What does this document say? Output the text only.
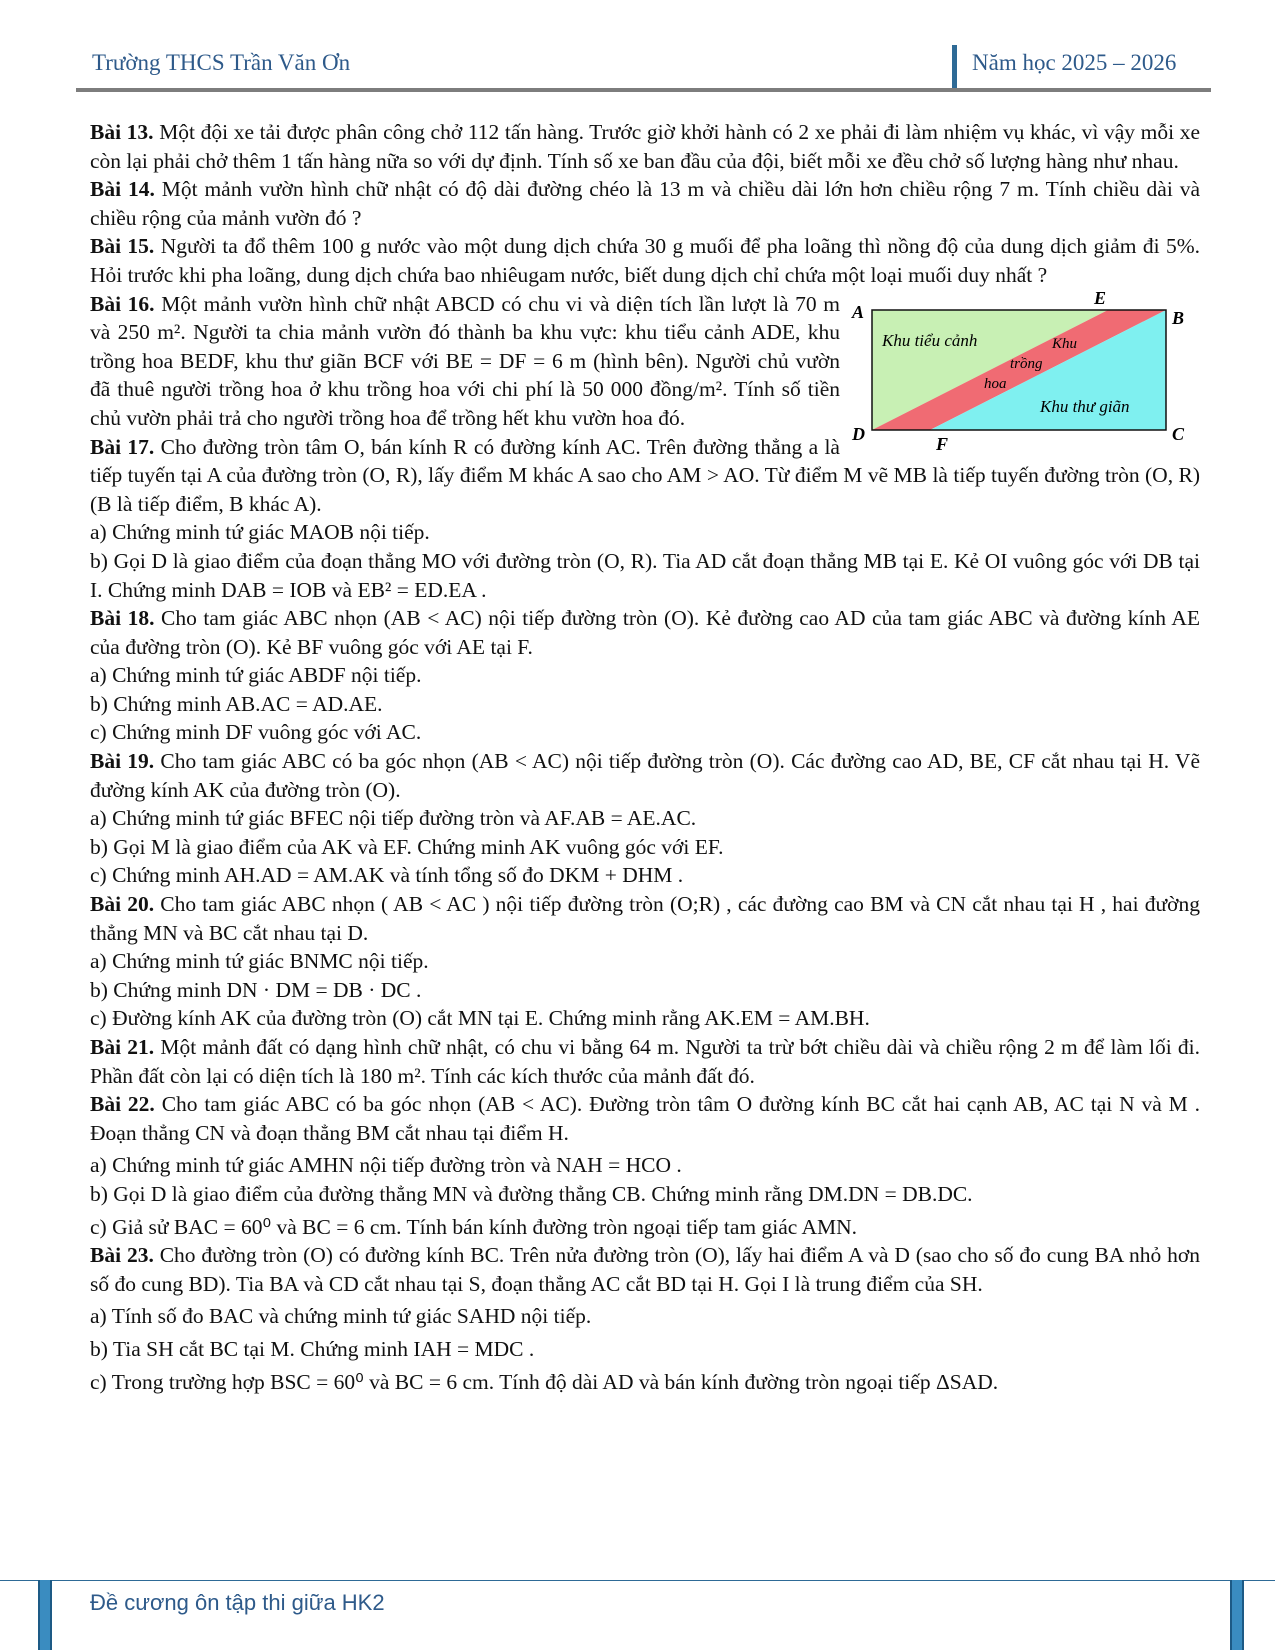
Trường THCS Trần Văn Ơn	Năm học 2025 – 2026

Bài 13. Một đội xe tải được phân công chở 112 tấn hàng. Trước giờ khởi hành có 2 xe phải đi làm nhiệm vụ khác, vì vậy mỗi xe còn lại phải chở thêm 1 tấn hàng nữa so với dự định. Tính số xe ban đầu của đội, biết mỗi xe đều chở số lượng hàng như nhau.

Bài 14. Một mảnh vườn hình chữ nhật có độ dài đường chéo là 13 m và chiều dài lớn hơn chiều rộng 7 m. Tính chiều dài và chiều rộng của mảnh vườn đó ?

Bài 15. Người ta đổ thêm 100 g nước vào một dung dịch chứa 30 g muối để pha loãng thì nồng độ của dung dịch giảm đi 5%. Hỏi trước khi pha loãng, dung dịch chứa bao nhiêugam nước, biết dung dịch chỉ chứa một loại muối duy nhất ?

A	B
C
D
E
F
Khu tiểu cảnh	Khu
trồng
hoa
Khu thư giãn

Bài 16. Một mảnh vườn hình chữ nhật ABCD có chu vi và diện tích lần lượt là 70 m và 250 m². Người ta chia mảnh vườn đó thành ba khu vực: khu tiểu cảnh ADE, khu trồng hoa BEDF, khu thư giãn BCF với BE = DF = 6 m (hình bên). Người chủ vườn đã thuê người trồng hoa ở khu trồng hoa với chi phí là 50 000 đồng/m². Tính số tiền chủ vườn phải trả cho người trồng hoa để trồng hết khu vườn hoa đó.

Bài 17. Cho đường tròn tâm O, bán kính R có đường kính AC. Trên đường thẳng a là tiếp tuyến tại A của đường tròn (O, R), lấy điểm M khác A sao cho AM > AO. Từ điểm M vẽ MB là tiếp tuyến đường tròn (O, R) (B là tiếp điểm, B khác A).

a) Chứng minh tứ giác MAOB nội tiếp.

b) Gọi D là giao điểm của đoạn thẳng MO với đường tròn (O, R). Tia AD cắt đoạn thẳng MB tại E. Kẻ OI vuông góc với DB tại I. Chứng minh DAB = IOB và EB² = ED.EA .

Bài 18. Cho tam giác ABC nhọn (AB < AC) nội tiếp đường tròn (O). Kẻ đường cao AD của tam giác ABC và đường kính AE của đường tròn (O). Kẻ BF vuông góc với AE tại F.

a) Chứng minh tứ giác ABDF nội tiếp.

b) Chứng minh AB.AC = AD.AE.

c) Chứng minh DF vuông góc với AC.

Bài 19. Cho tam giác ABC có ba góc nhọn (AB < AC) nội tiếp đường tròn (O). Các đường cao AD, BE, CF cắt nhau tại H. Vẽ đường kính AK của đường tròn (O).

a) Chứng minh tứ giác BFEC nội tiếp đường tròn và AF.AB = AE.AC.

b) Gọi M là giao điểm của AK và EF. Chứng minh AK vuông góc với EF.

c) Chứng minh AH.AD = AM.AK và tính tổng số đo DKM + DHM .

Bài 20. Cho tam giác ABC nhọn ( AB < AC ) nội tiếp đường tròn (O;R) , các đường cao BM và CN cắt nhau tại H , hai đường thẳng MN và BC cắt nhau tại D.

a) Chứng minh tứ giác BNMC nội tiếp.

b) Chứng minh DN · DM = DB · DC .

c) Đường kính AK của đường tròn (O) cắt MN tại E. Chứng minh rằng AK.EM = AM.BH.

Bài 21. Một mảnh đất có dạng hình chữ nhật, có chu vi bằng 64 m. Người ta trừ bớt chiều dài và chiều rộng 2 m để làm lối đi. Phần đất còn lại có diện tích là 180 m². Tính các kích thước của mảnh đất đó.

Bài 22. Cho tam giác ABC có ba góc nhọn (AB < AC). Đường tròn tâm O đường kính BC cắt hai cạnh AB, AC tại N và M . Đoạn thẳng CN và đoạn thẳng BM cắt nhau tại điểm H.

a) Chứng minh tứ giác AMHN nội tiếp đường tròn và NAH = HCO .

b) Gọi D là giao điểm của đường thẳng MN và đường thẳng CB. Chứng minh rằng DM.DN = DB.DC.

c) Giả sử BAC = 60⁰ và BC = 6 cm. Tính bán kính đường tròn ngoại tiếp tam giác AMN.

Bài 23. Cho đường tròn (O) có đường kính BC. Trên nửa đường tròn (O), lấy hai điểm A và D (sao cho số đo cung BA nhỏ hơn số đo cung BD). Tia BA và CD cắt nhau tại S, đoạn thẳng AC cắt BD tại H. Gọi I là trung điểm của SH.

a) Tính số đo BAC và chứng minh tứ giác SAHD nội tiếp.

b) Tia SH cắt BC tại M. Chứng minh IAH = MDC .

c) Trong trường hợp BSC = 60⁰ và BC = 6 cm. Tính độ dài AD và bán kính đường tròn ngoại tiếp ΔSAD.

Đề cương ôn tập thi giữa HK2
